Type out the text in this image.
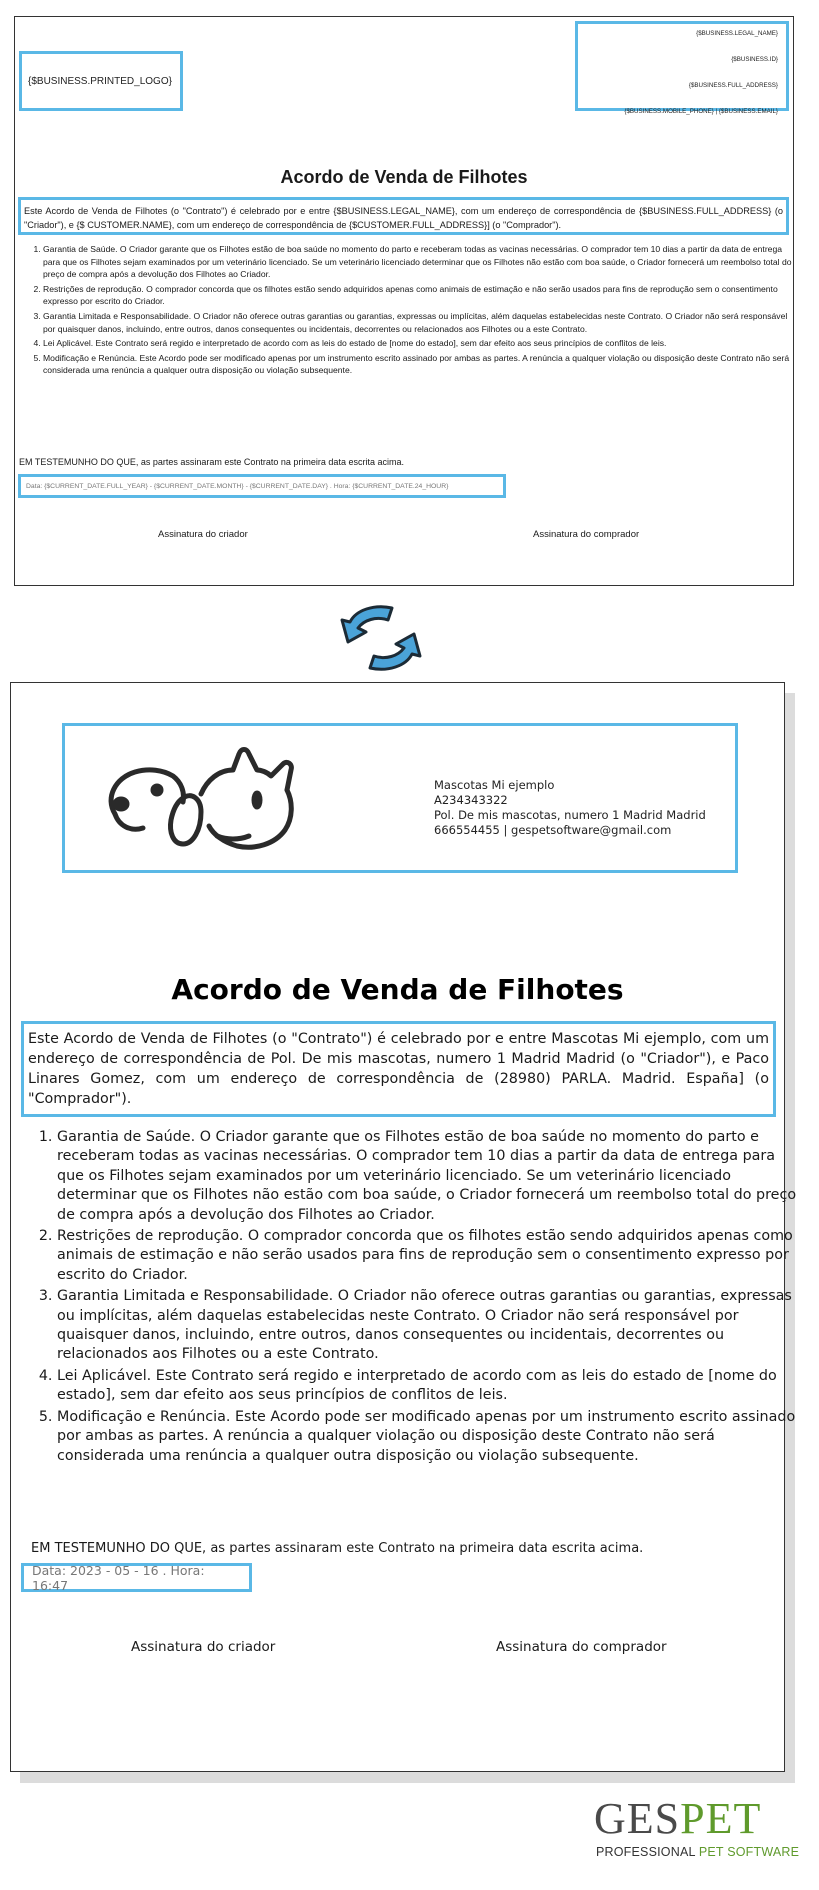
{$BUSINESS.PRINTED_LOGO}
{$BUSINESS.LEGAL_NAME}
{$BUSINESS.ID}
{$BUSINESS.FULL_ADDRESS}
{$BUSINESS.MOBILE_PHONE} | {$BUSINESS.EMAIL}
Acordo de Venda de Filhotes
Este Acordo de Venda de Filhotes (o "Contrato") é celebrado por e entre {$BUSINESS.LEGAL_NAME}, com um endereço de correspondência de {$BUSINESS.FULL_ADDRESS} (o "Criador"), e {$ CUSTOMER.NAME}, com um endereço de correspondência de {$CUSTOMER.FULL_ADDRESS}] (o "Comprador").
1. Garantia de Saúde. O Criador garante que os Filhotes estão de boa saúde no momento do parto e receberam todas as vacinas necessárias. O comprador tem 10 dias a partir da data de entrega para que os Filhotes sejam examinados por um veterinário licenciado. Se um veterinário licenciado determinar que os Filhotes não estão com boa saúde, o Criador fornecerá um reembolso total do preço de compra após a devolução dos Filhotes ao Criador.
2. Restrições de reprodução. O comprador concorda que os filhotes estão sendo adquiridos apenas como animais de estimação e não serão usados para fins de reprodução sem o consentimento expresso por escrito do Criador.
3. Garantia Limitada e Responsabilidade. O Criador não oferece outras garantias ou garantias, expressas ou implícitas, além daquelas estabelecidas neste Contrato. O Criador não será responsável por quaisquer danos, incluindo, entre outros, danos consequentes ou incidentais, decorrentes ou relacionados aos Filhotes ou a este Contrato.
4. Lei Aplicável. Este Contrato será regido e interpretado de acordo com as leis do estado de [nome do estado], sem dar efeito aos seus princípios de conflitos de leis.
5. Modificação e Renúncia. Este Acordo pode ser modificado apenas por um instrumento escrito assinado por ambas as partes. A renúncia a qualquer violação ou disposição deste Contrato não será considerada uma renúncia a qualquer outra disposição ou violação subsequente.
EM TESTEMUNHO DO QUE, as partes assinaram este Contrato na primeira data escrita acima.
Data: {$CURRENT_DATE.FULL_YEAR} - {$CURRENT_DATE.MONTH} - {$CURRENT_DATE.DAY} . Hora: {$CURRENT_DATE.24_HOUR}
Assinatura do criador	Assinatura do comprador
Mascotas Mi ejemplo
A234343322
Pol. De mis mascotas, numero 1 Madrid Madrid
666554455 | gespetsoftware@gmail.com
Acordo de Venda de Filhotes
Este Acordo de Venda de Filhotes (o "Contrato") é celebrado por e entre Mascotas Mi ejemplo, com um endereço de correspondência de Pol. De mis mascotas, numero 1 Madrid Madrid (o "Criador"), e Paco Linares Gomez, com um endereço de correspondência de (28980) PARLA. Madrid. España] (o "Comprador").
1. Garantia de Saúde. O Criador garante que os Filhotes estão de boa saúde no momento do parto e receberam todas as vacinas necessárias. O comprador tem 10 dias a partir da data de entrega para que os Filhotes sejam examinados por um veterinário licenciado. Se um veterinário licenciado determinar que os Filhotes não estão com boa saúde, o Criador fornecerá um reembolso total do preço de compra após a devolução dos Filhotes ao Criador.
2. Restrições de reprodução. O comprador concorda que os filhotes estão sendo adquiridos apenas como animais de estimação e não serão usados para fins de reprodução sem o consentimento expresso por escrito do Criador.
3. Garantia Limitada e Responsabilidade. O Criador não oferece outras garantias ou garantias, expressas ou implícitas, além daquelas estabelecidas neste Contrato. O Criador não será responsável por quaisquer danos, incluindo, entre outros, danos consequentes ou incidentais, decorrentes ou relacionados aos Filhotes ou a este Contrato.
4. Lei Aplicável. Este Contrato será regido e interpretado de acordo com as leis do estado de [nome do estado], sem dar efeito aos seus princípios de conflitos de leis.
5. Modificação e Renúncia. Este Acordo pode ser modificado apenas por um instrumento escrito assinado por ambas as partes. A renúncia a qualquer violação ou disposição deste Contrato não será considerada uma renúncia a qualquer outra disposição ou violação subsequente.
EM TESTEMUNHO DO QUE, as partes assinaram este Contrato na primeira data escrita acima.
Data: 2023 - 05 - 16 . Hora: 16:47
Assinatura do criador	Assinatura do comprador
GESPET
PROFESSIONAL PET SOFTWARE
